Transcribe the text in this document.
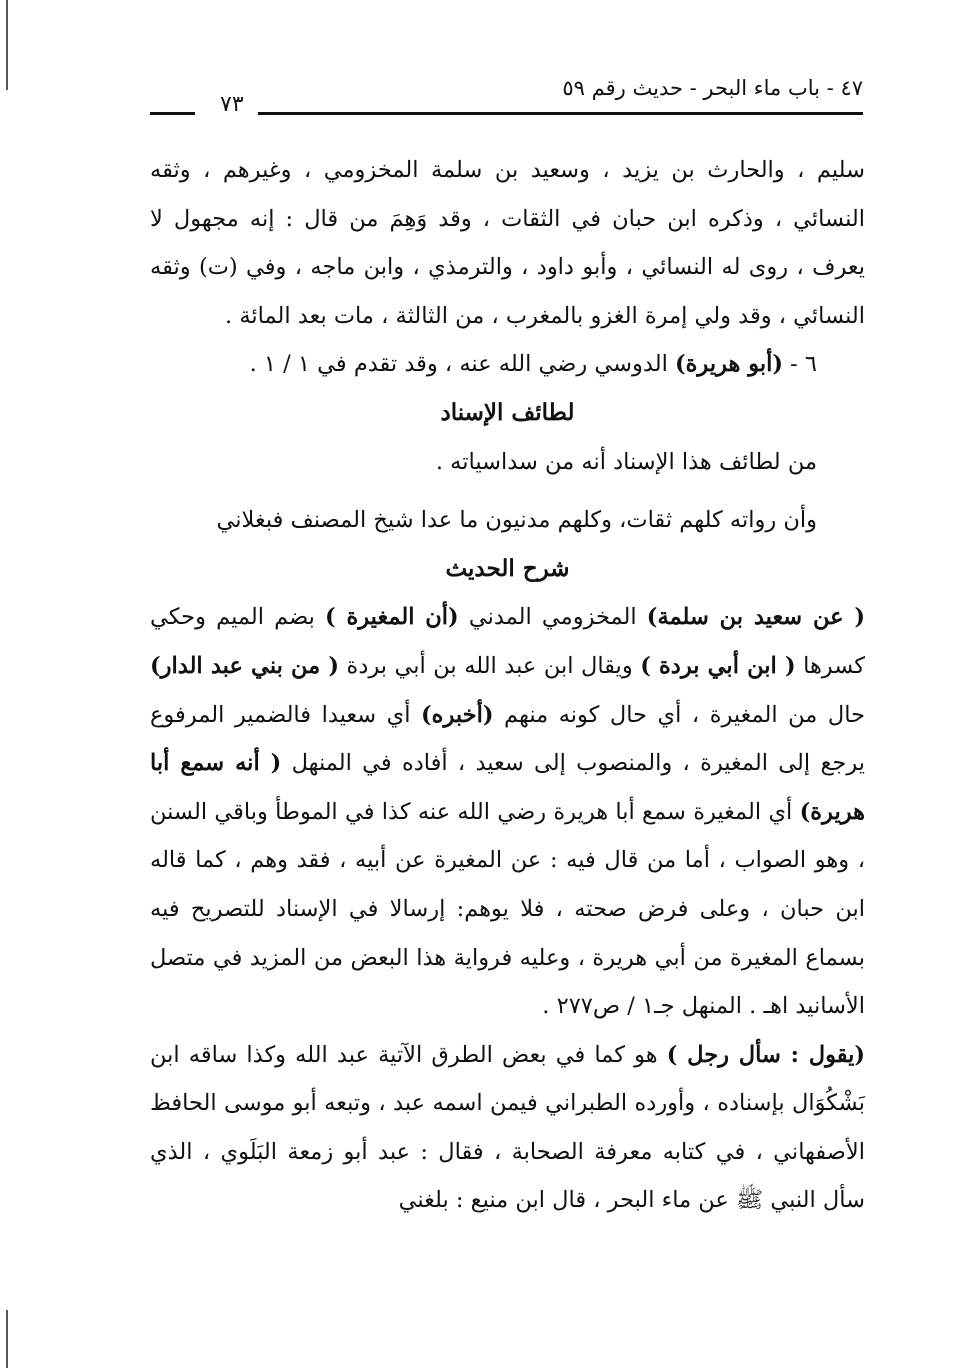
٧٣
٤٧ - باب ماء البحر - حديث رقم ٥٩

سليم ، والحارث بن يزيد ، وسعيد بن سلمة المخزومي ، وغيرهم ، وثقه النسائي ، وذكره ابن حبان في الثقات ، وقد وَهِمَ من قال : إنه مجهول لا يعرف ، روى له النسائي ، وأبو داود ، والترمذي ، وابن ماجه ، وفي (ت) وثقه النسائي ، وقد ولي إمرة الغزو بالمغرب ، من الثالثة ، مات بعد المائة .

٦ - (أبو هريرة) الدوسي رضي الله عنه ، وقد تقدم في ١ / ١ .

لطائف الإسناد

من لطائف هذا الإسناد أنه من سداسياته .

وأن رواته كلهم ثقات، وكلهم مدنيون ما عدا شيخ المصنف فبغلاني

شرح الحديث

( عن سعيد بن سلمة) المخزومي المدني (أن المغيرة ) بضم الميم وحكي كسرها ( ابن أبي بردة ) ويقال ابن عبد الله بن أبي بردة ( من بني عبد الدار) حال من المغيرة ، أي حال كونه منهم (أخبره) أي سعيدا فالضمير المرفوع يرجع إلى المغيرة ، والمنصوب إلى سعيد ، أفاده في المنهل ( أنه سمع أبا هريرة) أي المغيرة سمع أبا هريرة رضي الله عنه كذا في الموطأ وباقي السنن ، وهو الصواب ، أما من قال فيه : عن المغيرة عن أبيه ، فقد وهم ، كما قاله ابن حبان ، وعلى فرض صحته ، فلا يوهم: إرسالا في الإسناد للتصريح فيه بسماع المغيرة من أبي هريرة ، وعليه فرواية هذا البعض من المزيد في متصل الأسانيد اهـ . المنهل جـ١ / ص٢٧٧ .

(يقول : سأل رجل ) هو كما في بعض الطرق الآتية عبد الله وكذا ساقه ابن بَشْكُوَال بإسناده ، وأورده الطبراني فيمن اسمه عبد ، وتبعه أبو موسى الحافظ الأصفهاني ، في كتابه معرفة الصحابة ، فقال : عبد أبو زمعة البَلَوي ، الذي سأل النبي ﷺ عن ماء البحر ، قال ابن منيع : بلغني
